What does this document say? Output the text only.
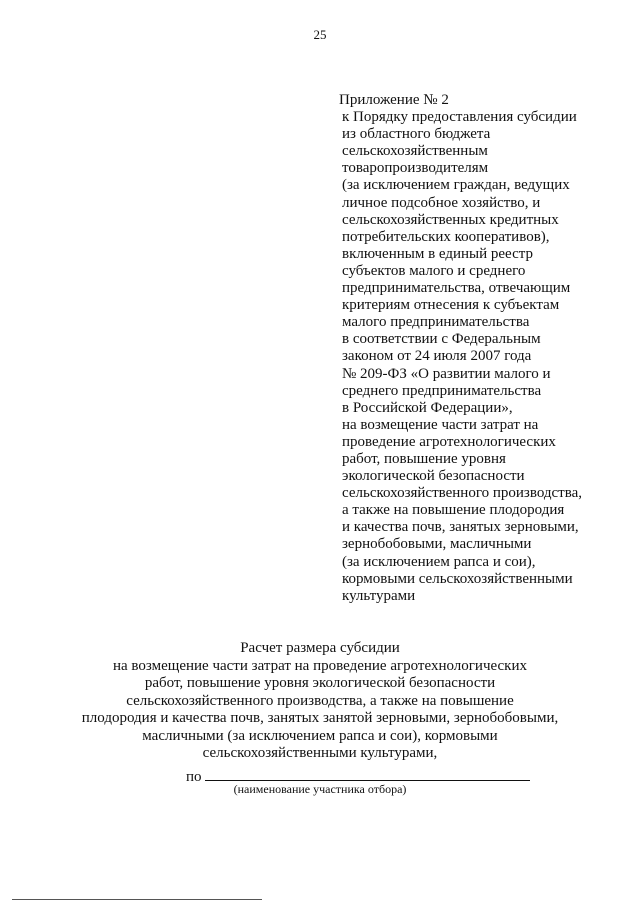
25
Приложение № 2
к Порядку предоставления субсидии
из областного бюджета
сельскохозяйственным
товаропроизводителям
(за исключением граждан, ведущих
личное подсобное хозяйство, и
сельскохозяйственных кредитных
потребительских кооперативов),
включенным в единый реестр
субъектов малого и среднего
предпринимательства, отвечающим
критериям отнесения к субъектам
малого предпринимательства
в соответствии с Федеральным
законом от 24 июля 2007 года
№ 209-ФЗ «О развитии малого и
среднего предпринимательства
в Российской Федерации»,
на возмещение части затрат на
проведение агротехнологических
работ, повышение уровня
экологической безопасности
сельскохозяйственного производства,
а также на повышение плодородия
и качества почв, занятых зерновыми,
зернобобовыми, масличными
(за исключением рапса и сои),
кормовыми сельскохозяйственными
культурами
Расчет размера субсидии
на возмещение части затрат на проведение агротехнологических
работ, повышение уровня экологической безопасности
сельскохозяйственного производства, а также на повышение
плодородия и качества почв, занятых занятой зерновыми, зернобобовыми,
масличными (за исключением рапса и сои), кормовыми
сельскохозяйственными культурами,
по
(наименование участника отбора)
